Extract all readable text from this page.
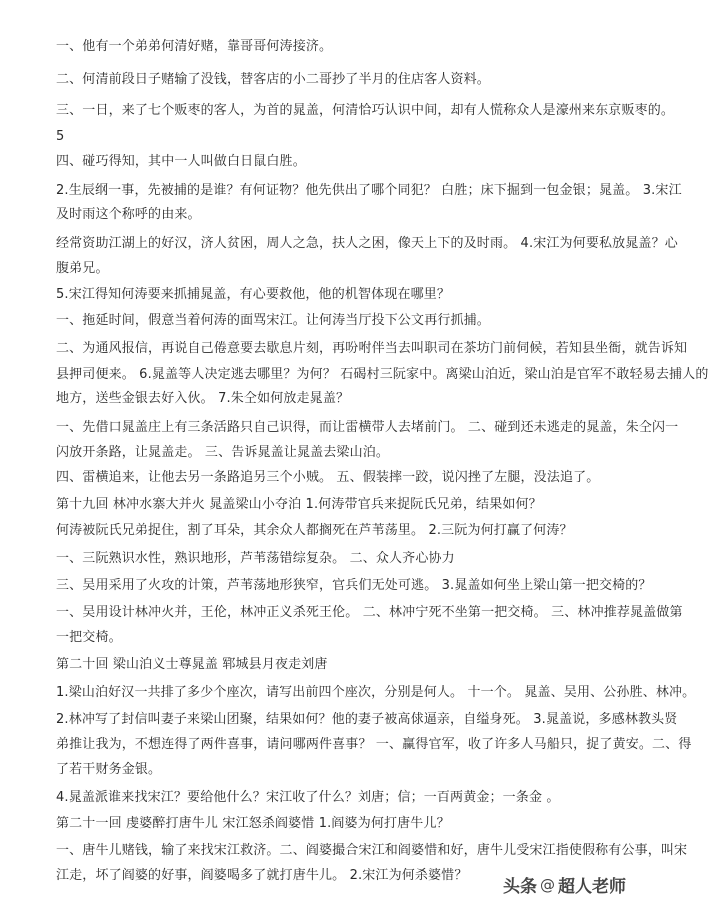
一、他有一个弟弟何清好赌，靠哥哥何涛接济。
二、何清前段日子赌输了没钱，替客店的小二哥抄了半月的住店客人资料。
三、一日，来了七个贩枣的客人，为首的晁盖，何清恰巧认识中间，却有人慌称众人是濠州来东京贩枣的。
5
四、碰巧得知，其中一人叫做白日鼠白胜。
2.生辰纲一事，先被捕的是谁？有何证物？他先供出了哪个同犯？ 白胜；床下掘到一包金银；晁盖。 3.宋江
及时雨这个称呼的由来。
经常资助江湖上的好汉，济人贫困，周人之急，扶人之困，像天上下的及时雨。 4.宋江为何要私放晁盖？心
腹弟兄。
5.宋江得知何涛要来抓捕晁盖，有心要救他，他的机智体现在哪里？
一、拖延时间，假意当着何涛的面骂宋江。让何涛当厅投下公文再行抓捕。
二、为通风报信，再说自己倦意要去歇息片刻，再吩咐伴当去叫职司在茶坊门前伺候，若知县坐衙，就告诉知
县押司便来。 6.晁盖等人决定逃去哪里？为何？ 石碣村三阮家中。离梁山泊近，梁山泊是官军不敢轻易去捕人的
地方，送些金银去好入伙。 7.朱仝如何放走晁盖？
一、先借口晁盖庄上有三条活路只自己识得，而让雷横带人去堵前门。 二、碰到还未逃走的晁盖，朱仝闪一
闪放开条路，让晁盖走。 三、告诉晁盖让晁盖去梁山泊。
四、雷横追来，让他去另一条路追另三个小贼。 五、假装摔一跤，说闪挫了左腿，没法追了。
第十九回 林冲水寨大并火 晁盖梁山小夺泊 1.何涛带官兵来捉阮氏兄弟，结果如何？
何涛被阮氏兄弟捉住，割了耳朵，其余众人都搁死在芦苇荡里。 2.三阮为何打赢了何涛？
一、三阮熟识水性，熟识地形，芦苇荡错综复杂。 二、众人齐心协力
三、吴用采用了火攻的计策，芦苇荡地形狭窄，官兵们无处可逃。 3.晁盖如何坐上梁山第一把交椅的？
一、吴用设计林冲火并，王伦，林冲正义杀死王伦。 二、林冲宁死不坐第一把交椅。 三、林冲推荐晁盖做第
一把交椅。
第二十回 梁山泊义士尊晁盖 郓城县月夜走刘唐
1.梁山泊好汉一共排了多少个座次，请写出前四个座次，分别是何人。 十一个。 晁盖、吴用、公孙胜、林冲。
2.林冲写了封信叫妻子来梁山团聚，结果如何？他的妻子被高俅逼亲，自缢身死。 3.晁盖说，多感林教头贤
弟推让我为，不想连得了两件喜事，请问哪两件喜事？ 一、赢得官军，收了许多人马船只，捉了黄安。二、得
了若干财务金银。
4.晁盖派谁来找宋江？要给他什么？宋江收了什么？刘唐；信；一百两黄金；一条金 。
第二十一回 虔婆醉打唐牛儿 宋江怒杀阎婆惜 1.阎婆为何打唐牛儿？
一、唐牛儿赌钱，输了来找宋江救济。二、阎婆撮合宋江和阎婆惜和好，唐牛儿受宋江指使假称有公事，叫宋
江走，坏了阎婆的好事，阎婆喝多了就打唐牛儿。 2.宋江为何杀婆惜？
头条 @ 超人老师
